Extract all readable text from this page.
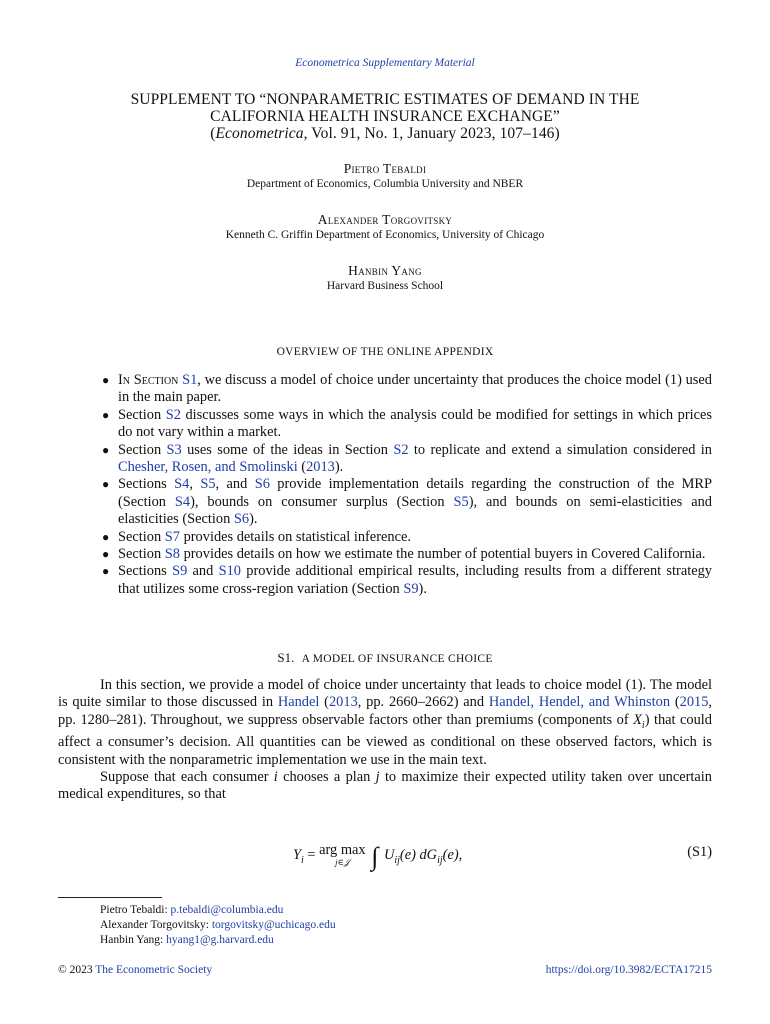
Econometrica Supplementary Material
SUPPLEMENT TO “NONPARAMETRIC ESTIMATES OF DEMAND IN THE
CALIFORNIA HEALTH INSURANCE EXCHANGE”
(Econometrica, Vol. 91, No. 1, January 2023, 107–146)
Pietro Tebaldi
Department of Economics, Columbia University and NBER
Alexander Torgovitsky
Kenneth C. Griffin Department of Economics, University of Chicago
Hanbin Yang
Harvard Business School
OVERVIEW OF THE ONLINE APPENDIX
● In Section S1, we discuss a model of choice under uncertainty that produces the choice model (1) used in the main paper.
● Section S2 discusses some ways in which the analysis could be modified for settings in which prices do not vary within a market.
● Section S3 uses some of the ideas in Section S2 to replicate and extend a simulation considered in Chesher, Rosen, and Smolinski (2013).
● Sections S4, S5, and S6 provide implementation details regarding the construction of the MRP (Section S4), bounds on consumer surplus (Section S5), and bounds on semi-elasticities and elasticities (Section S6).
● Section S7 provides details on statistical inference.
● Section S8 provides details on how we estimate the number of potential buyers in Covered California.
● Sections S9 and S10 provide additional empirical results, including results from a different strategy that utilizes some cross-region variation (Section S9).
S1. A MODEL OF INSURANCE CHOICE

In this section, we provide a model of choice under uncertainty that leads to choice model (1). The model is quite similar to those discussed in Handel (2013, pp. 2660–2662) and Handel, Hendel, and Whinston (2015, pp. 1280–281). Throughout, we suppress observable factors other than premiums (components of $X_i$) that could affect a consumer’s decision. All quantities can be viewed as conditional on these observed factors, which is consistent with the nonparametric implementation we use in the main text.

Suppose that each consumer i chooses a plan j to maximize their expected utility taken over uncertain medical expenditures, so that

$Y_i$ = arg max
j∈𝒥 ∫ $U_{ij}(e)$ $dG_{ij}(e)$,	(S1)
Pietro Tebaldi: p.tebaldi@columbia.edu
Alexander Torgovitsky: torgovitsky@uchicago.edu
Hanbin Yang: hyang1@g.harvard.edu
© 2023 The Econometric Society	https://doi.org/10.3982/ECTA17215
